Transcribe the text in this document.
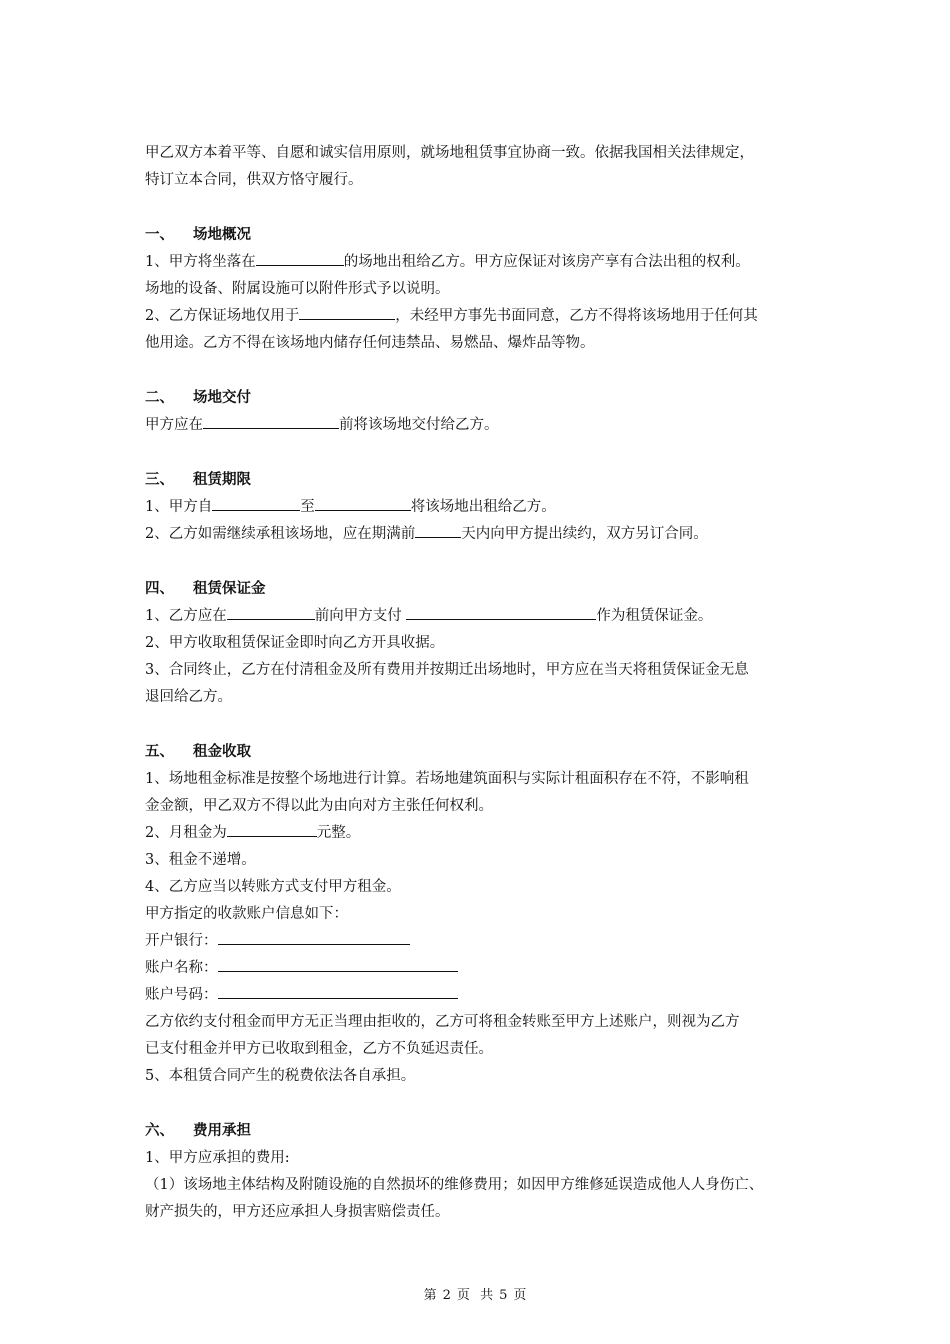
甲乙双方本着平等、自愿和诚实信用原则，就场地租赁事宜协商一致。依据我国相关法律规定，
特订立本合同，供双方恪守履行。
一、 场地概况
1、甲方将坐落在	的场地出租给乙方。甲方应保证对该房产享有合法出租的权利。
场地的设备、附属设施可以附件形式予以说明。
2、乙方保证场地仅用于	，未经甲方事先书面同意，乙方不得将该场地用于任何其
他用途。乙方不得在该场地内储存任何违禁品、易燃品、爆炸品等物。
二、 场地交付
甲方应在	前将该场地交付给乙方。
三、 租赁期限
1、甲方自	至	将该场地出租给乙方。
2、乙方如需继续承租该场地，应在期满前	天内向甲方提出续约，双方另订合同。
四、 租赁保证金
1、乙方应在	前向甲方支付	作为租赁保证金。
2、甲方收取租赁保证金即时向乙方开具收据。
3、合同终止，乙方在付清租金及所有费用并按期迁出场地时，甲方应在当天将租赁保证金无息
退回给乙方。
五、 租金收取
1、场地租金标准是按整个场地进行计算。若场地建筑面积与实际计租面积存在不符，不影响租
金金额，甲乙双方不得以此为由向对方主张任何权利。
2、月租金为	元整。
3、租金不递增。
4、乙方应当以转账方式支付甲方租金。
甲方指定的收款账户信息如下：
开户银行：
账户名称：
账户号码：
乙方依约支付租金而甲方无正当理由拒收的，乙方可将租金转账至甲方上述账户，则视为乙方
已支付租金并甲方已收取到租金，乙方不负延迟责任。
5、本租赁合同产生的税费依法各自承担。
六、 费用承担
1、甲方应承担的费用:
（1）该场地主体结构及附随设施的自然损坏的维修费用；如因甲方维修延误造成他人人身伤亡、
财产损失的，甲方还应承担人身损害赔偿责任。
第 2 页 共 5 页
